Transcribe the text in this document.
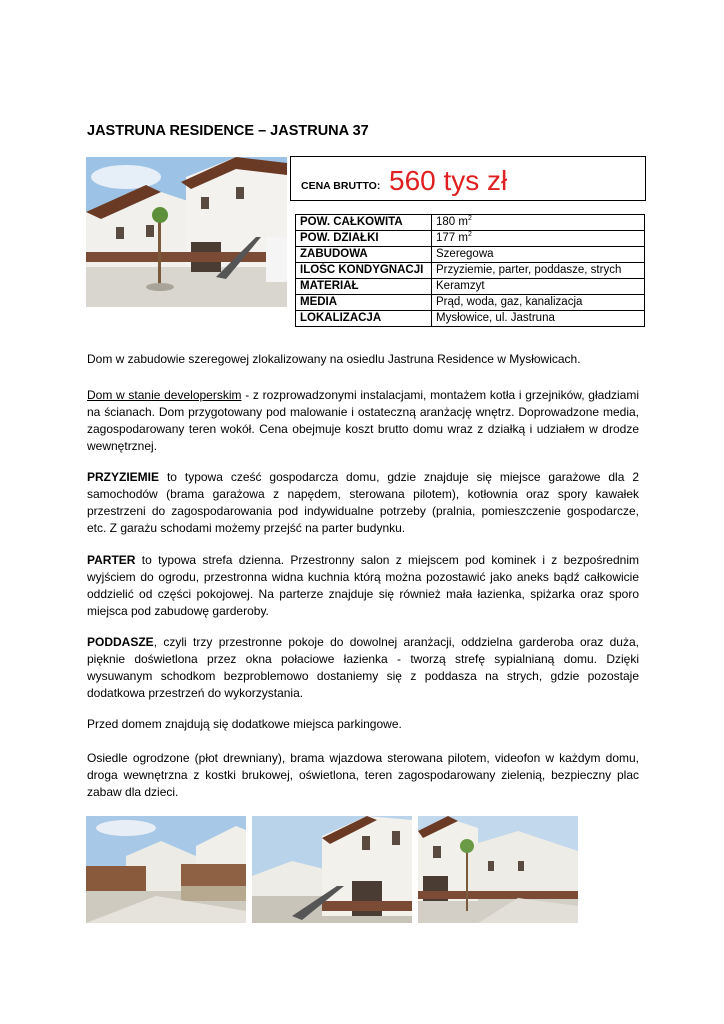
JASTRUNA RESIDENCE – JASTRUNA 37
CENA BRUTTO: 560 tys zł
POW. CAŁKOWITA	180 $m^2$
POW. DZIAŁKI	177 $m^2$
ZABUDOWA	Szeregowa
ILOŚC KONDYGNACJI	Przyziemie, parter, poddasze, strych
MATERIAŁ	Keramzyt
MEDIA	Prąd, woda, gaz, kanalizacja
LOKALIZACJA	Mysłowice, ul. Jastruna

Dom w zabudowie szeregowej zlokalizowany na osiedlu Jastruna Residence w Mysłowicach.

Dom w stanie developerskim - z rozprowadzonymi instalacjami, montażem kotła i grzejników, gładziami na ścianach. Dom przygotowany pod malowanie i ostateczną aranżację wnętrz. Doprowadzone media, zagospodarowany teren wokół. Cena obejmuje koszt brutto domu wraz z działką i udziałem w drodze wewnętrznej.

PRZYZIEMIE to typowa cześć gospodarcza domu, gdzie znajduje się miejsce garażowe dla 2 samochodów (brama garażowa z napędem, sterowana pilotem), kotłownia oraz spory kawałek przestrzeni do zagospodarowania pod indywidualne potrzeby (pralnia, pomieszczenie gospodarcze, etc. Z garażu schodami możemy przejść na parter budynku.

PARTER to typowa strefa dzienna. Przestronny salon z miejscem pod kominek i z bezpośrednim wyjściem do ogrodu, przestronna widna kuchnia którą można pozostawić jako aneks bądź całkowicie oddzielić od części pokojowej. Na parterze znajduje się również mała łazienka, spiżarka oraz sporo miejsca pod zabudowę garderoby.

PODDASZE, czyli trzy przestronne pokoje do dowolnej aranżacji, oddzielna garderoba oraz duża, pięknie doświetlona przez okna połaciowe łazienka - tworzą strefę sypialnianą domu. Dzięki wysuwanym schodkom bezproblemowo dostaniemy się z poddasza na strych, gdzie pozostaje dodatkowa przestrzeń do wykorzystania.

Przed domem znajdują się dodatkowe miejsca parkingowe.

Osiedle ogrodzone (płot drewniany), brama wjazdowa sterowana pilotem, videofon w każdym domu, droga wewnętrzna z kostki brukowej, oświetlona, teren zagospodarowany zielenią, bezpieczny plac zabaw dla dzieci.
